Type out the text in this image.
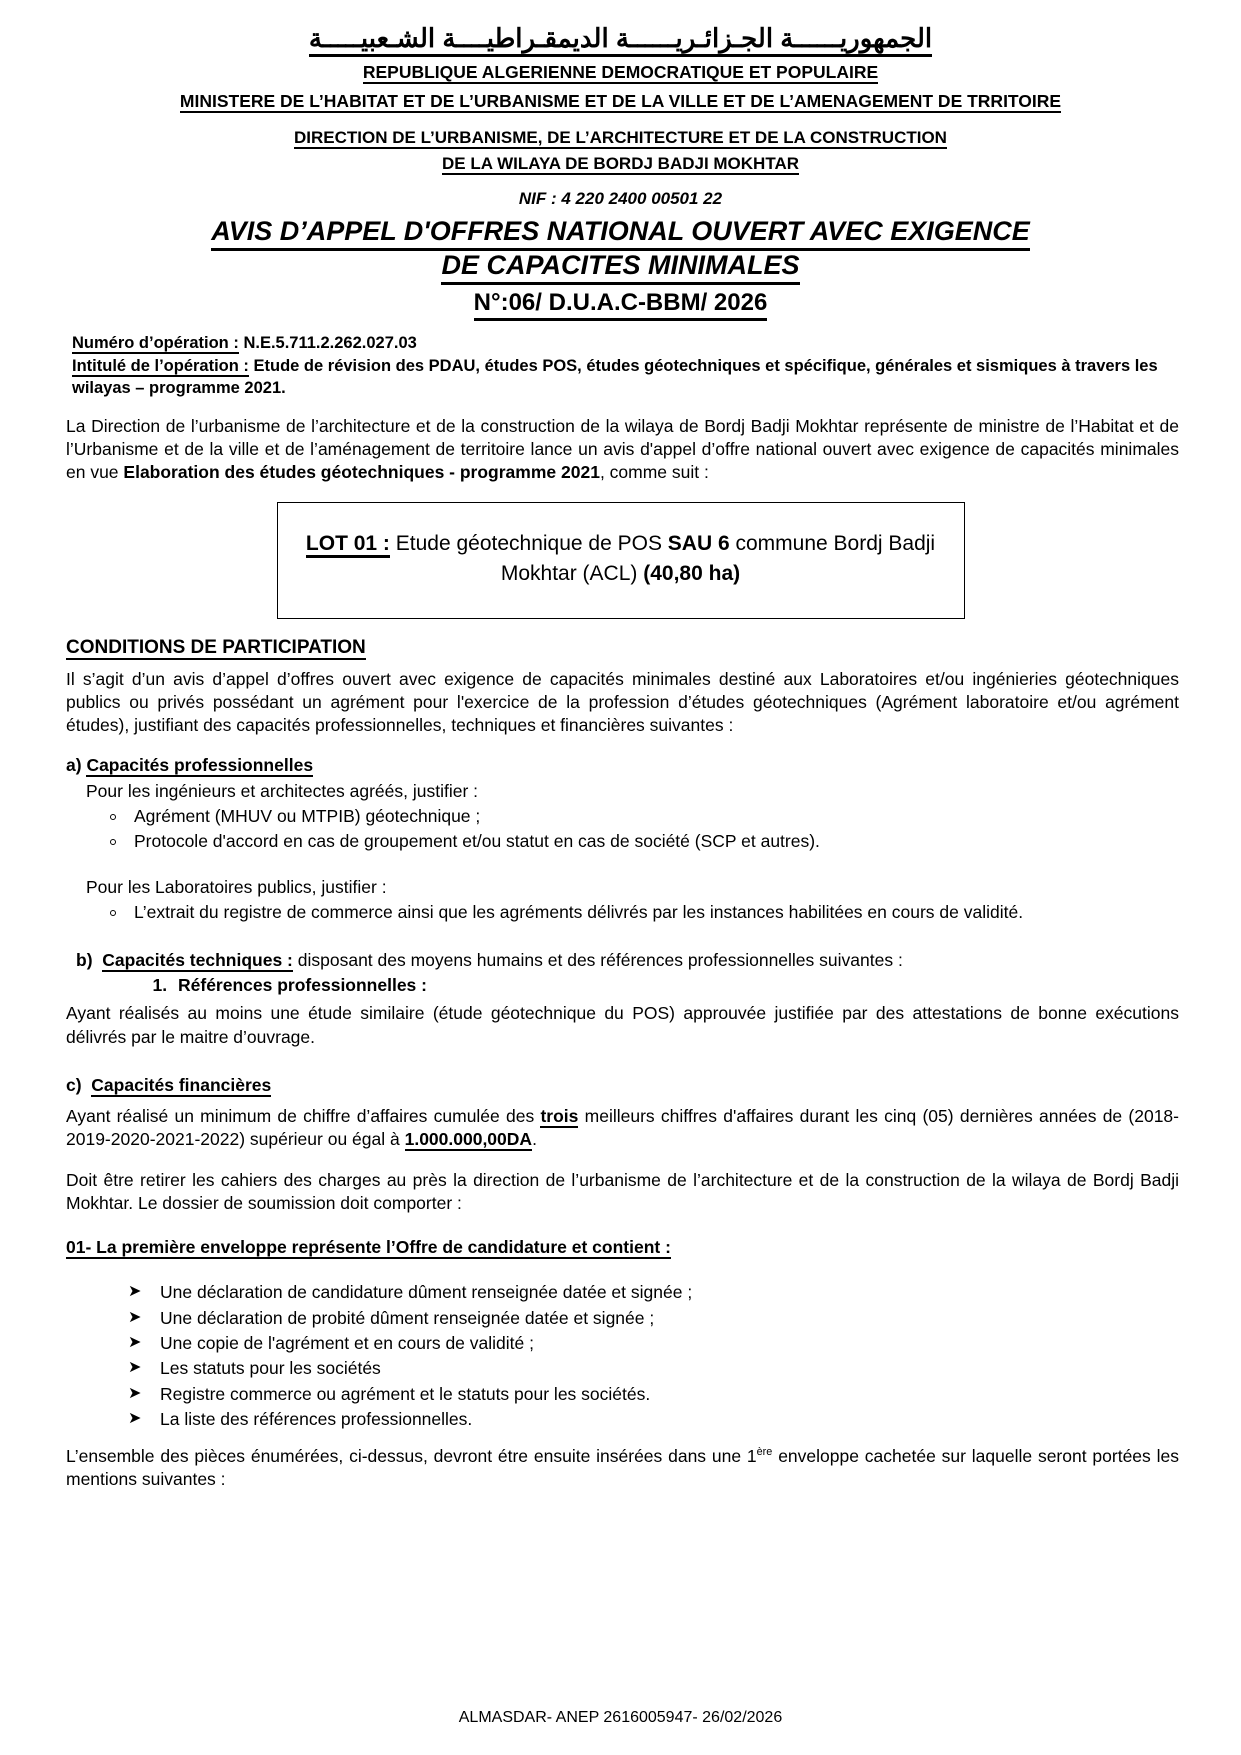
الجمهوريــــــة الجـزائـريــــــة الديمقـراطيــــة الشـعبيـــــة
REPUBLIQUE ALGERIENNE DEMOCRATIQUE ET POPULAIRE
MINISTERE DE L’HABITAT ET DE L’URBANISME ET DE LA VILLE ET DE L’AMENAGEMENT DE TRRITOIRE
DIRECTION DE L’URBANISME, DE L’ARCHITECTURE ET DE LA CONSTRUCTION
DE LA WILAYA DE BORDJ BADJI MOKHTAR
NIF : 4 220 2400 00501 22
AVIS D’APPEL D'OFFRES NATIONAL OUVERT AVEC EXIGENCE
DE CAPACITES MINIMALES
N°:06/ D.U.A.C-BBM/ 2026
Numéro d’opération : N.E.5.711.2.262.027.03
Intitulé de l’opération : Etude de révision des PDAU, études POS, études géotechniques et spécifique, générales et sismiques à travers les wilayas – programme 2021.

La Direction de l’urbanisme de l’architecture et de la construction de la wilaya de Bordj Badji Mokhtar représente de ministre de l’Habitat et de l’Urbanisme et de la ville et de l’aménagement de territoire lance un avis d'appel d’offre national ouvert avec exigence de capacités minimales en vue Elaboration des études géotechniques - programme 2021, comme suit :

LOT 01 : Etude géotechnique de POS SAU 6 commune Bordj Badji Mokhtar (ACL) (40,80 ha)
CONDITIONS DE PARTICIPATION

Il s’agit d’un avis d’appel d’offres ouvert avec exigence de capacités minimales destiné aux Laboratoires et/ou ingénieries géotechniques publics ou privés possédant un agrément pour l'exercice de la profession d’études géotechniques (Agrément laboratoire et/ou agrément études), justifiant des capacités professionnelles, techniques et financières suivantes :

a) Capacités professionnelles
Pour les ingénieurs et architectes agréés, justifier :
Agrément (MHUV ou MTPIB) géotechnique ;
Protocole d'accord en cas de groupement et/ou statut en cas de société (SCP et autres).
Pour les Laboratoires publics, justifier :
L’extrait du registre de commerce ainsi que les agréments délivrés par les instances habilitées en cours de validité.
b) Capacités techniques : disposant des moyens humains et des références professionnelles suivantes :
1. Références professionnelles :

Ayant réalisés au moins une étude similaire (étude géotechnique du POS) approuvée justifiée par des attestations de bonne exécutions délivrés par le maitre d’ouvrage.

c) Capacités financières

Ayant réalisé un minimum de chiffre d’affaires cumulée des trois meilleurs chiffres d'affaires durant les cinq (05) dernières années de (2018-2019-2020-2021-2022) supérieur ou égal à 1.000.000,00DA.

Doit être retirer les cahiers des charges au près la direction de l’urbanisme de l’architecture et de la construction de la wilaya de Bordj Badji Mokhtar. Le dossier de soumission doit comporter :

01- La première enveloppe représente l’Offre de candidature et contient :
➤ Une déclaration de candidature dûment renseignée datée et signée ;
➤ Une déclaration de probité dûment renseignée datée et signée ;
➤ Une copie de l'agrément et en cours de validité ;
➤ Les statuts pour les sociétés
➤ Registre commerce ou agrément et le statuts pour les sociétés.
➤ La liste des références professionnelles.

L’ensemble des pièces énumérées, ci-dessus, devront étre ensuite insérées dans une 1ère enveloppe cachetée sur laquelle seront portées les mentions suivantes :

ALMASDAR- ANEP 2616005947- 26/02/2026
